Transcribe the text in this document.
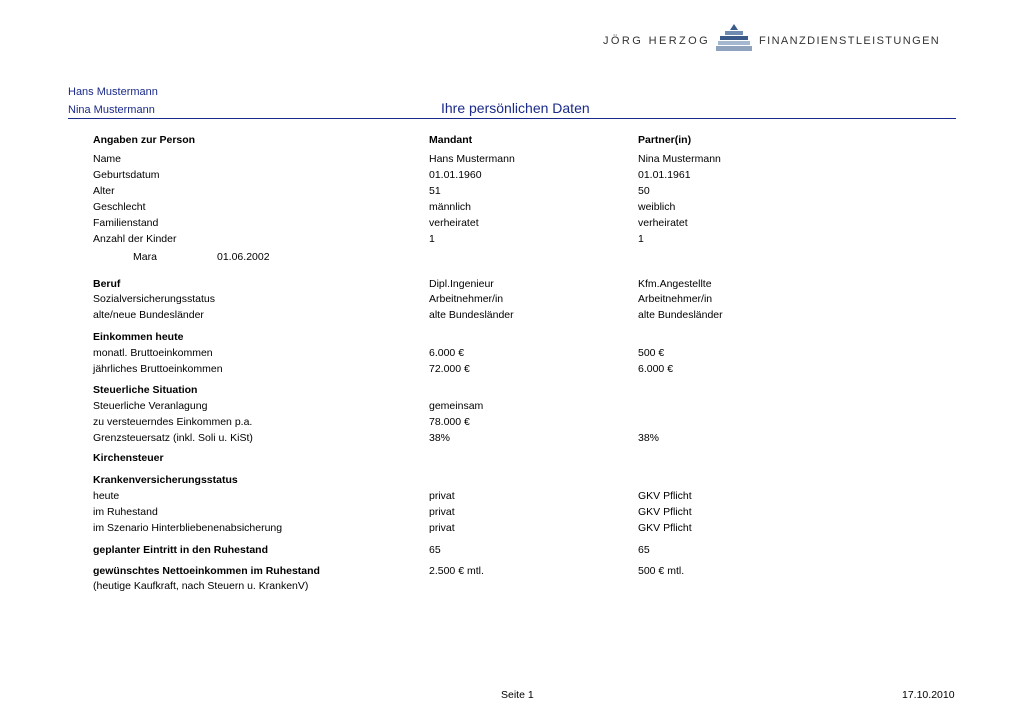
JÖRG HERZOG	FINANZDIENSTLEISTUNGEN
Hans Mustermann
Nina Mustermann	Ihre persönlichen Daten
Angaben zur Person	Mandant	Partner(in)
Name	Hans Mustermann	Nina Mustermann
Geburtsdatum	01.01.1960	01.01.1961
Alter	51	50
Geschlecht	männlich	weiblich
Familienstand	verheiratet	verheiratet
Anzahl der Kinder	1	1
Mara	01.06.2002
Beruf	Dipl.Ingenieur	Kfm.Angestellte
Sozialversicherungsstatus	Arbeitnehmer/in	Arbeitnehmer/in
alte/neue Bundesländer	alte Bundesländer	alte Bundesländer
Einkommen heute
monatl. Bruttoeinkommen	6.000 €	500 €
jährliches Bruttoeinkommen	72.000 €	6.000 €
Steuerliche Situation
Steuerliche Veranlagung	gemeinsam
zu versteuerndes Einkommen p.a.	78.000 €
Grenzsteuersatz (inkl. Soli u. KiSt)	38%	38%
Kirchensteuer
Krankenversicherungsstatus
heute	privat	GKV Pflicht
im Ruhestand	privat	GKV Pflicht
im Szenario Hinterbliebenenabsicherung	privat	GKV Pflicht
geplanter Eintritt in den Ruhestand	65	65
gewünschtes Nettoeinkommen im Ruhestand	2.500 € mtl.	500 € mtl.
(heutige Kaufkraft, nach Steuern u. KrankenV)
Seite 1	17.10.2010
